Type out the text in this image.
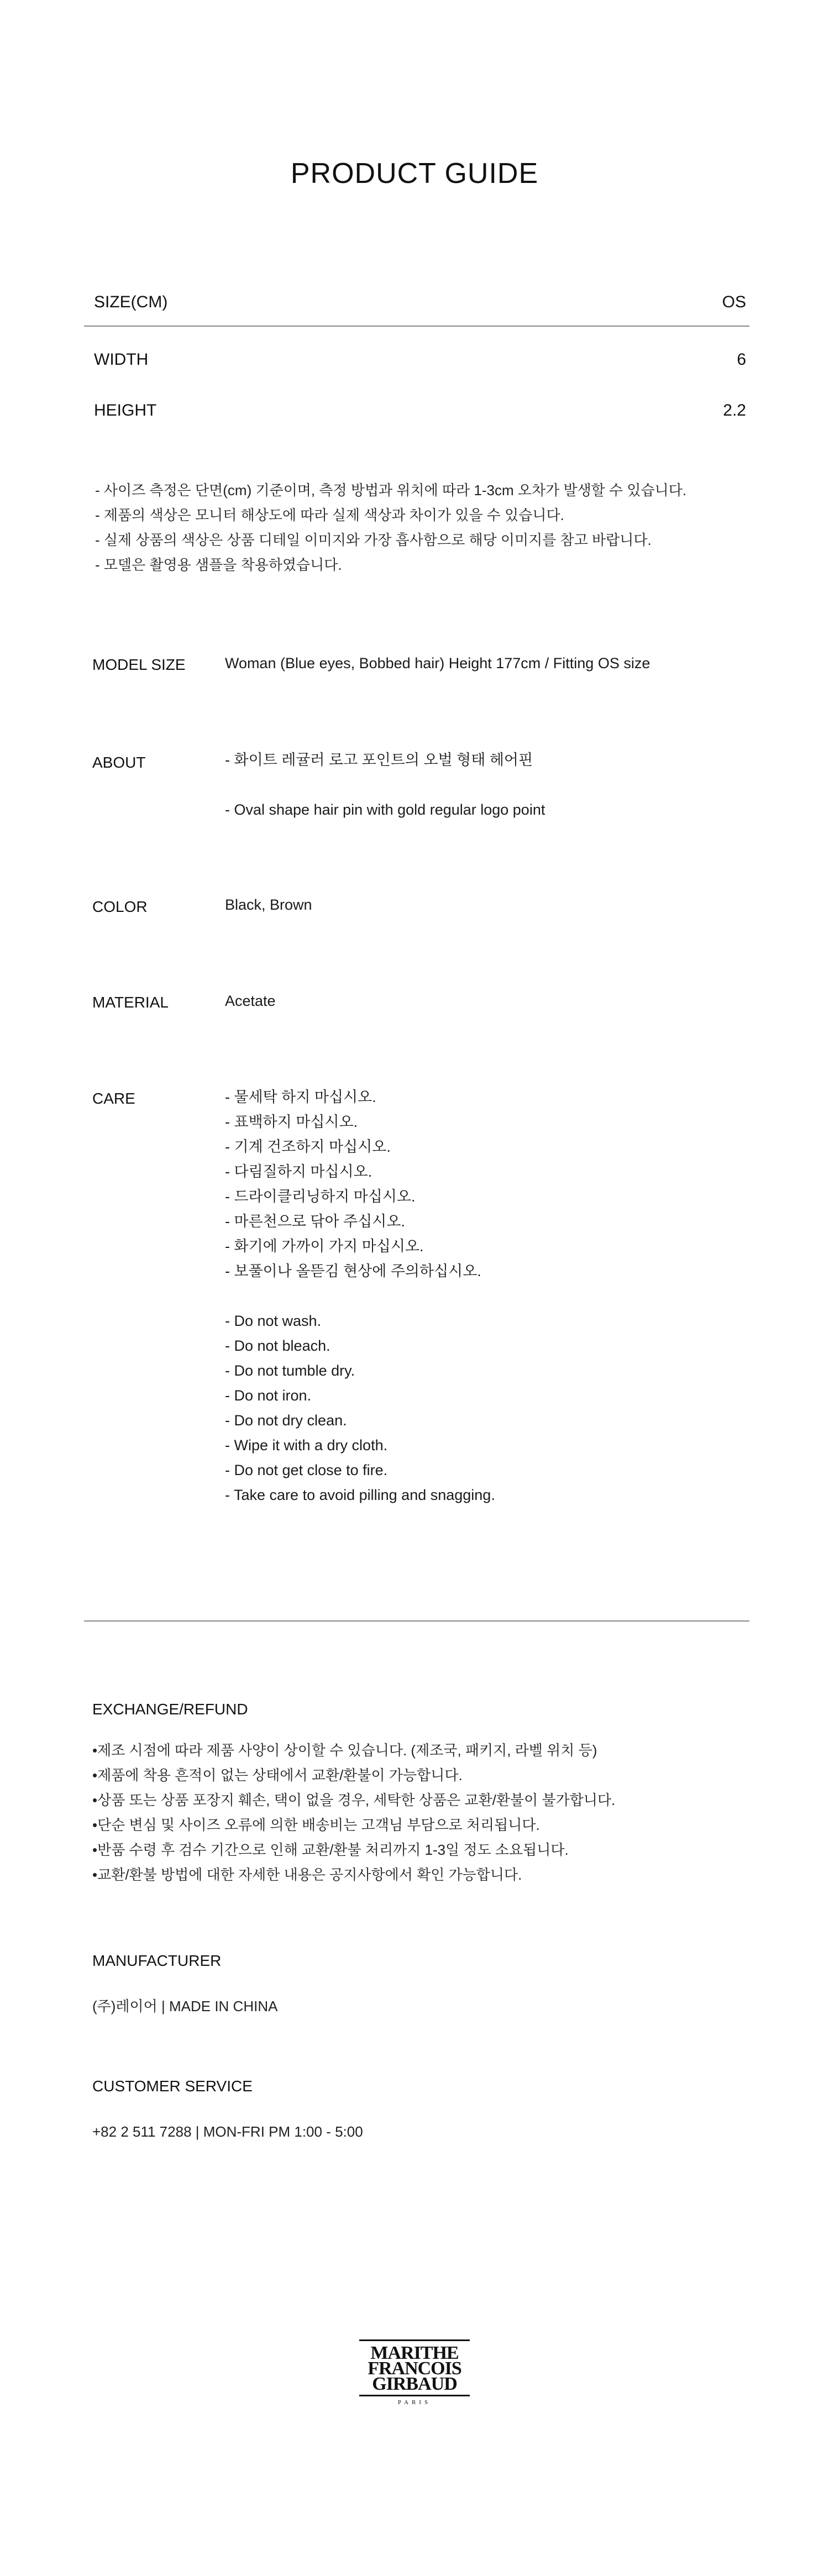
PRODUCT GUIDE
SIZE(CM)	OS
WIDTH	6
HEIGHT	2.2
- 사이즈 측정은 단면(cm) 기준이며, 측정 방법과 위치에 따라 1-3cm 오차가 발생할 수 있습니다.
- 제품의 색상은 모니터 해상도에 따라 실제 색상과 차이가 있을 수 있습니다.
- 실제 상품의 색상은 상품 디테일 이미지와 가장 흡사함으로 해당 이미지를 참고 바랍니다.
- 모델은 촬영용 샘플을 착용하였습니다.
MODEL SIZE	Woman (Blue eyes, Bobbed hair) Height 177cm / Fitting OS size
ABOUT	- 화이트 레귤러 로고 포인트의 오벌 형태 헤어핀
- Oval shape hair pin with gold regular logo point
COLOR	Black, Brown
MATERIAL	Acetate
CARE	- 물세탁 하지 마십시오.
- 표백하지 마십시오.
- 기계 건조하지 마십시오.
- 다림질하지 마십시오.
- 드라이클리닝하지 마십시오.
- 마른천으로 닦아 주십시오.
- 화기에 가까이 가지 마십시오.
- 보풀이나 올뜯김 현상에 주의하십시오.
- Do not wash.
- Do not bleach.
- Do not tumble dry.
- Do not iron.
- Do not dry clean.
- Wipe it with a dry cloth.
- Do not get close to fire.
- Take care to avoid pilling and snagging.
EXCHANGE/REFUND
•제조 시점에 따라 제품 사양이 상이할 수 있습니다. (제조국, 패키지, 라벨 위치 등)
•제품에 착용 흔적이 없는 상태에서 교환/환불이 가능합니다.
•상품 또는 상품 포장지 훼손, 택이 없을 경우, 세탁한 상품은 교환/환불이 불가합니다.
•단순 변심 및 사이즈 오류에 의한 배송비는 고객님 부담으로 처리됩니다.
•반품 수령 후 검수 기간으로 인해 교환/환불 처리까지 1-3일 정도 소요됩니다.
•교환/환불 방법에 대한 자세한 내용은 공지사항에서 확인 가능합니다.
MANUFACTURER
(주)레이어 | MADE IN CHINA
CUSTOMER SERVICE
+82 2 511 7288 | MON-FRI PM 1:00 - 5:00
MARITHE
FRANCOIS
GIRBAUD
PARIS
